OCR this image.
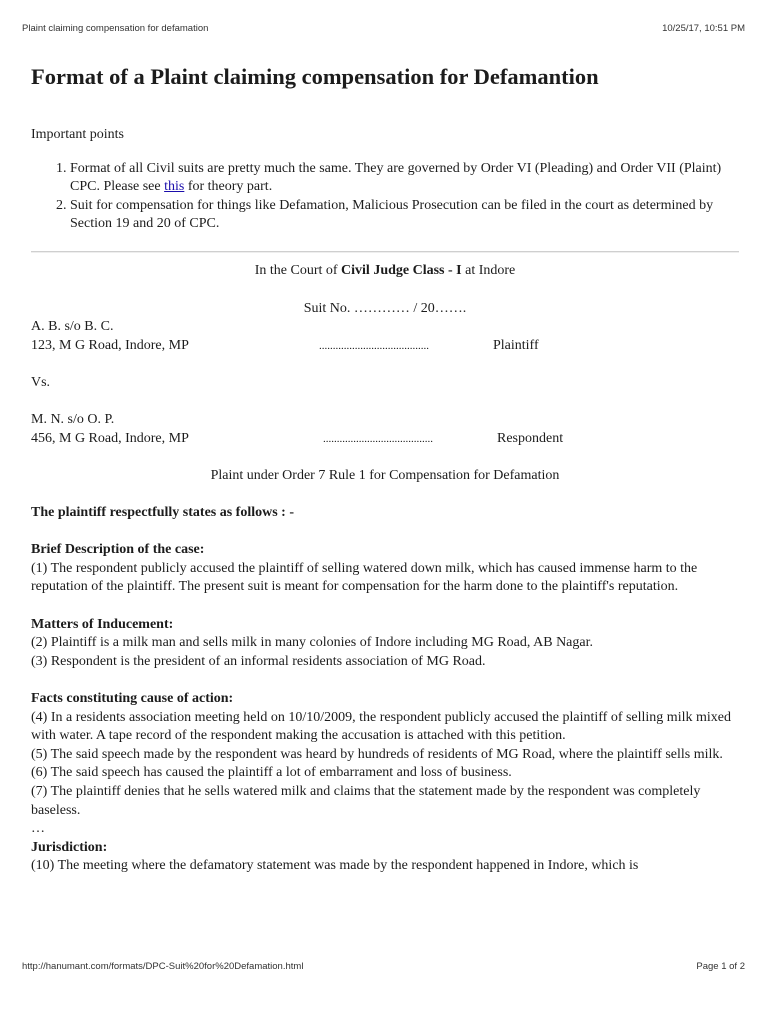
Plaint claiming compensation for defamation	10/25/17, 10:51 PM
Format of a Plaint claiming compensation for Defamantion

Important points

1. Format of all Civil suits are pretty much the same. They are governed by Order VI (Pleading) and Order VII (Plaint) CPC. Please see this for theory part.
2. Suit for compensation for things like Defamation, Malicious Prosecution can be filed in the court as determined by Section 19 and 20 of CPC.

In the Court of Civil Judge Class - I at Indore

Suit No. ………… / 20…….

A. B. s/o B. C.

123, M G Road, Indore, MP	........................................	Plaintiff

Vs.

M. N. s/o O. P.

456, M G Road, Indore, MP	........................................	Respondent

Plaint under Order 7 Rule 1 for Compensation for Defamation

The plaintiff respectfully states as follows : -

Brief Description of the case:

(1) The respondent publicly accused the plaintiff of selling watered down milk, which has caused immense harm to the reputation of the plaintiff. The present suit is meant for compensation for the harm done to the plaintiff's reputation.

Matters of Inducement:

(2) Plaintiff is a milk man and sells milk in many colonies of Indore including MG Road, AB Nagar.

(3) Respondent is the president of an informal residents association of MG Road.

Facts constituting cause of action:

(4) In a residents association meeting held on 10/10/2009, the respondent publicly accused the plaintiff of selling milk mixed with water. A tape record of the respondent making the accusation is attached with this petition.

(5) The said speech made by the respondent was heard by hundreds of residents of MG Road, where the plaintiff sells milk.

(6) The said speech has caused the plaintiff a lot of embarrament and loss of business.

(7) The plaintiff denies that he sells watered milk and claims that the statement made by the respondent was completely baseless.

…

Jurisdiction:

(10) The meeting where the defamatory statement was made by the respondent happened in Indore, which is

http://hanumant.com/formats/DPC-Suit%20for%20Defamation.html	Page 1 of 2
